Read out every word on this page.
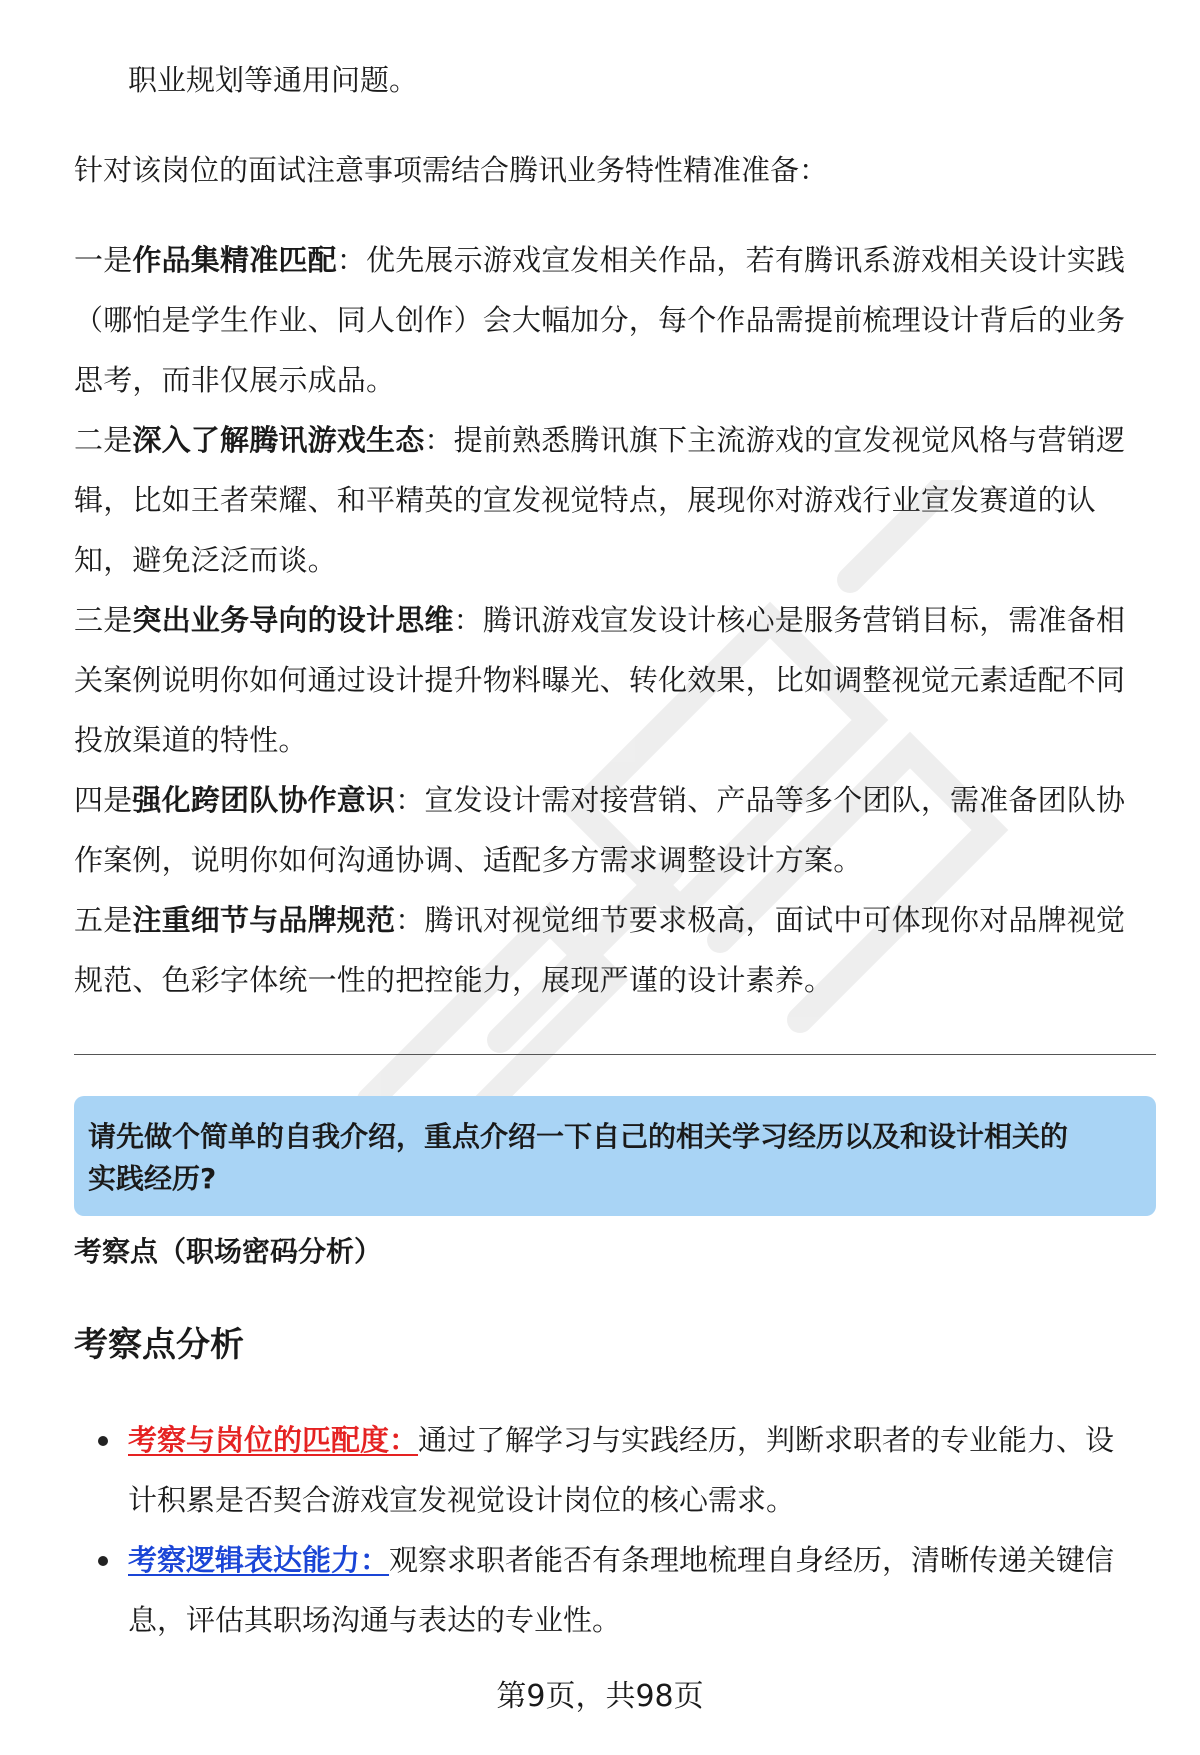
职业规划等通用问题。

针对该岗位的面试注意事项需结合腾讯业务特性精准准备：

一是作品集精准匹配：优先展示游戏宣发相关作品，若有腾讯系游戏相关设计实践

（哪怕是学生作业、同人创作）会大幅加分，每个作品需提前梳理设计背后的业务

思考，而非仅展示成品。

二是深入了解腾讯游戏生态：提前熟悉腾讯旗下主流游戏的宣发视觉风格与营销逻

辑，比如王者荣耀、和平精英的宣发视觉特点，展现你对游戏行业宣发赛道的认

知，避免泛泛而谈。

三是突出业务导向的设计思维：腾讯游戏宣发设计核心是服务营销目标，需准备相

关案例说明你如何通过设计提升物料曝光、转化效果，比如调整视觉元素适配不同

投放渠道的特性。

四是强化跨团队协作意识：宣发设计需对接营销、产品等多个团队，需准备团队协

作案例，说明你如何沟通协调、适配多方需求调整设计方案。

五是注重细节与品牌规范：腾讯对视觉细节要求极高，面试中可体现你对品牌视觉

规范、色彩字体统一性的把控能力，展现严谨的设计素养。

请先做个简单的自我介绍，重点介绍一下自己的相关学习经历以及和设计相关的

实践经历?

考察点（职场密码分析）

考察点分析

考察与岗位的匹配度：通过了解学习与实践经历，判断求职者的专业能力、设

计积累是否契合游戏宣发视觉设计岗位的核心需求。

考察逻辑表达能力：观察求职者能否有条理地梳理自身经历，清晰传递关键信

息，评估其职场沟通与表达的专业性。

第9页，共98页
